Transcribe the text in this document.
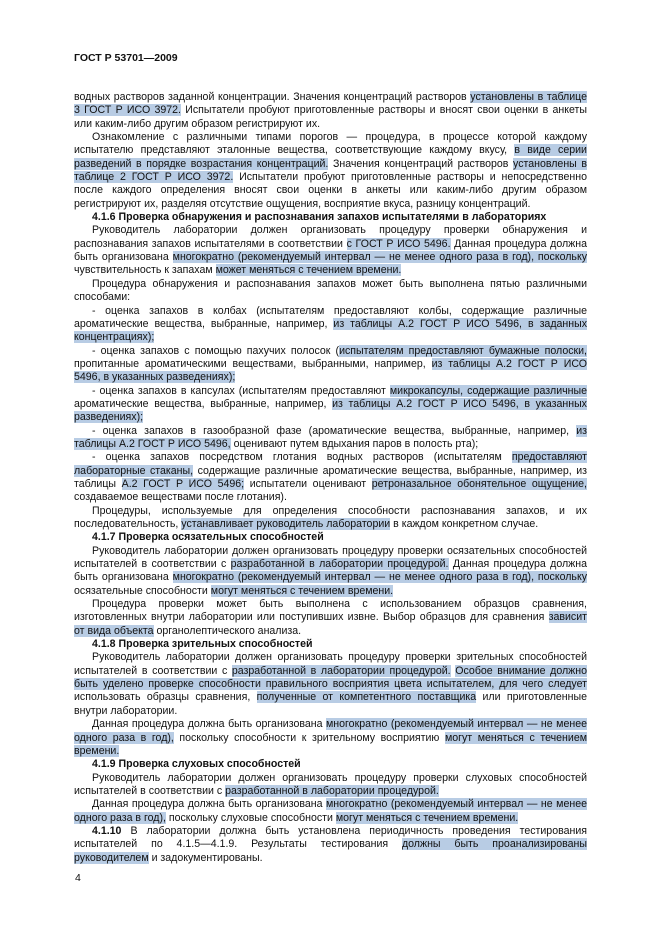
ГОСТ Р 53701—2009

водных растворов заданной концентрации. Значения концентраций растворов установлены в таблице 3 ГОСТ Р ИСО 3972. Испытатели пробуют приготовленные растворы и вносят свои оценки в анкеты или каким-либо другим образом регистрируют их.

Ознакомление с различными типами порогов — процедура, в процессе которой каждому испытателю представляют эталонные вещества, соответствующие каждому вкусу, в виде серии разведений в порядке возрастания концентраций. Значения концентраций растворов установлены в таблице 2 ГОСТ Р ИСО 3972. Испытатели пробуют приготовленные растворы и непосредственно после каждого определения вносят свои оценки в анкеты или каким-либо другим образом регистрируют их, разделяя отсутствие ощущения, восприятие вкуса, разницу концентраций.

4.1.6 Проверка обнаружения и распознавания запахов испытателями в лабораториях

Руководитель лаборатории должен организовать процедуру проверки обнаружения и распознавания запахов испытателями в соответствии с ГОСТ Р ИСО 5496. Данная процедура должна быть организована многократно (рекомендуемый интервал — не менее одного раза в год), поскольку чувствительность к запахам может меняться с течением времени.

Процедура обнаружения и распознавания запахов может быть выполнена пятью различными способами:

- оценка запахов в колбах (испытателям предоставляют колбы, содержащие различные ароматические вещества, выбранные, например, из таблицы А.2 ГОСТ Р ИСО 5496, в заданных концентрациях);

- оценка запахов с помощью пахучих полосок (испытателям предоставляют бумажные полоски, пропитанные ароматическими веществами, выбранными, например, из таблицы А.2 ГОСТ Р ИСО 5496, в указанных разведениях);

- оценка запахов в капсулах (испытателям предоставляют микрокапсулы, содержащие различные ароматические вещества, выбранные, например, из таблицы А.2 ГОСТ Р ИСО 5496, в указанных разведениях);

- оценка запахов в газообразной фазе (ароматические вещества, выбранные, например, из таблицы А.2 ГОСТ Р ИСО 5496, оценивают путем вдыхания паров в полость рта);

- оценка запахов посредством глотания водных растворов (испытателям предоставляют лабораторные стаканы, содержащие различные ароматические вещества, выбранные, например, из таблицы А.2 ГОСТ Р ИСО 5496; испытатели оценивают ретроназальное обонятельное ощущение, создаваемое веществами после глотания).

Процедуры, используемые для определения способности распознавания запахов, и их последовательность, устанавливает руководитель лаборатории в каждом конкретном случае.

4.1.7 Проверка осязательных способностей

Руководитель лаборатории должен организовать процедуру проверки осязательных способностей испытателей в соответствии с разработанной в лаборатории процедурой. Данная процедура должна быть организована многократно (рекомендуемый интервал — не менее одного раза в год), поскольку осязательные способности могут меняться с течением времени.

Процедура проверки может быть выполнена с использованием образцов сравнения, изготовленных внутри лаборатории или поступивших извне. Выбор образцов для сравнения зависит от вида объекта органолептического анализа.

4.1.8 Проверка зрительных способностей

Руководитель лаборатории должен организовать процедуру проверки зрительных способностей испытателей в соответствии с разработанной в лаборатории процедурой. Особое внимание должно быть уделено проверке способности правильного восприятия цвета испытателем, для чего следует использовать образцы сравнения, полученные от компетентного поставщика или приготовленные внутри лаборатории.

Данная процедура должна быть организована многократно (рекомендуемый интервал — не менее одного раза в год), поскольку способности к зрительному восприятию могут меняться с течением времени.

4.1.9 Проверка слуховых способностей

Руководитель лаборатории должен организовать процедуру проверки слуховых способностей испытателей в соответствии с разработанной в лаборатории процедурой.

Данная процедура должна быть организована многократно (рекомендуемый интервал — не менее одного раза в год), поскольку слуховые способности могут меняться с течением времени.

4.1.10 В лаборатории должна быть установлена периодичность проведения тестирования испытателей по 4.1.5—4.1.9. Результаты тестирования должны быть проанализированы руководителем и задокументированы.

4
